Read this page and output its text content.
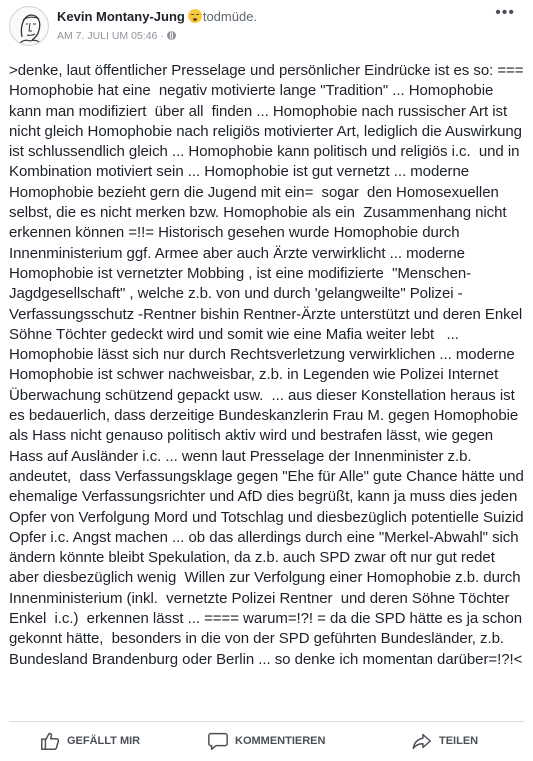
Kevin Montany-Jung todmüde.
AM 7. JULI UM 05:46 ·
•••
>denke, laut öffentlicher Presselage und persönlicher Eindrücke ist es so: ===  Homophobie hat eine  negativ motivierte lange "Tradition" ... Homophobie kann man modifiziert  über all  finden ... Homophobie nach russischer Art ist nicht gleich Homophobie nach religiös motivierter Art, lediglich die Auswirkung ist schlussendlich gleich ... Homophobie kann politisch und religiös i.c.  und in Kombination motiviert sein ... Homophobie ist gut vernetzt ... moderne Homophobie bezieht gern die Jugend mit ein=  sogar  den Homosexuellen selbst, die es nicht merken bzw. Homophobie als ein  Zusammenhang nicht erkennen können =!!= Historisch gesehen wurde Homophobie durch Innenministerium ggf. Armee aber auch Ärzte verwirklicht ... moderne Homophobie ist vernetzter Mobbing , ist eine modifizierte  "Menschen- Jagdgesellschaft" , welche z.b. von und durch 'gelangweilte" Polizei -Verfassungsschutz -Rentner bishin Rentner-Ärzte unterstützt und deren Enkel Söhne Töchter gedeckt wird und somit wie eine Mafia weiter lebt   ... Homophobie lässt sich nur durch Rechtsverletzung verwirklichen ... moderne Homophobie ist schwer nachweisbar, z.b. in Legenden wie Polizei Internet Überwachung schützend gepackt usw.  ... aus dieser Konstellation heraus ist es bedauerlich, dass derzeitige Bundeskanzlerin Frau M. gegen Homophobie als Hass nicht genauso politisch aktiv wird und bestrafen lässt, wie gegen Hass auf Ausländer i.c. ... wenn laut Presselage der Innenminister z.b. andeutet,  dass Verfassungsklage gegen "Ehe für Alle" gute Chance hätte und ehemalige Verfassungsrichter und AfD dies begrüßt, kann ja muss dies jeden Opfer von Verfolgung Mord und Totschlag und diesbezüglich potentielle Suizid Opfer i.c. Angst machen ... ob das allerdings durch eine "Merkel-Abwahl" sich ändern könnte bleibt Spekulation, da z.b. auch SPD zwar oft nur gut redet aber diesbezüglich wenig  Willen zur Verfolgung einer Homophobie z.b. durch Innenministerium (inkl.  vernetzte Polizei Rentner  und deren Söhne Töchter  Enkel  i.c.)  erkennen lässt ... ==== warum=!?! = da die SPD hätte es ja schon gekonnt hätte,  besonders in die von der SPD geführten Bundesländer, z.b.  Bundesland Brandenburg oder Berlin ... so denke ich momentan darüber=!?!<
GEFÄLLT MIR	KOMMENTIEREN	TEILEN
